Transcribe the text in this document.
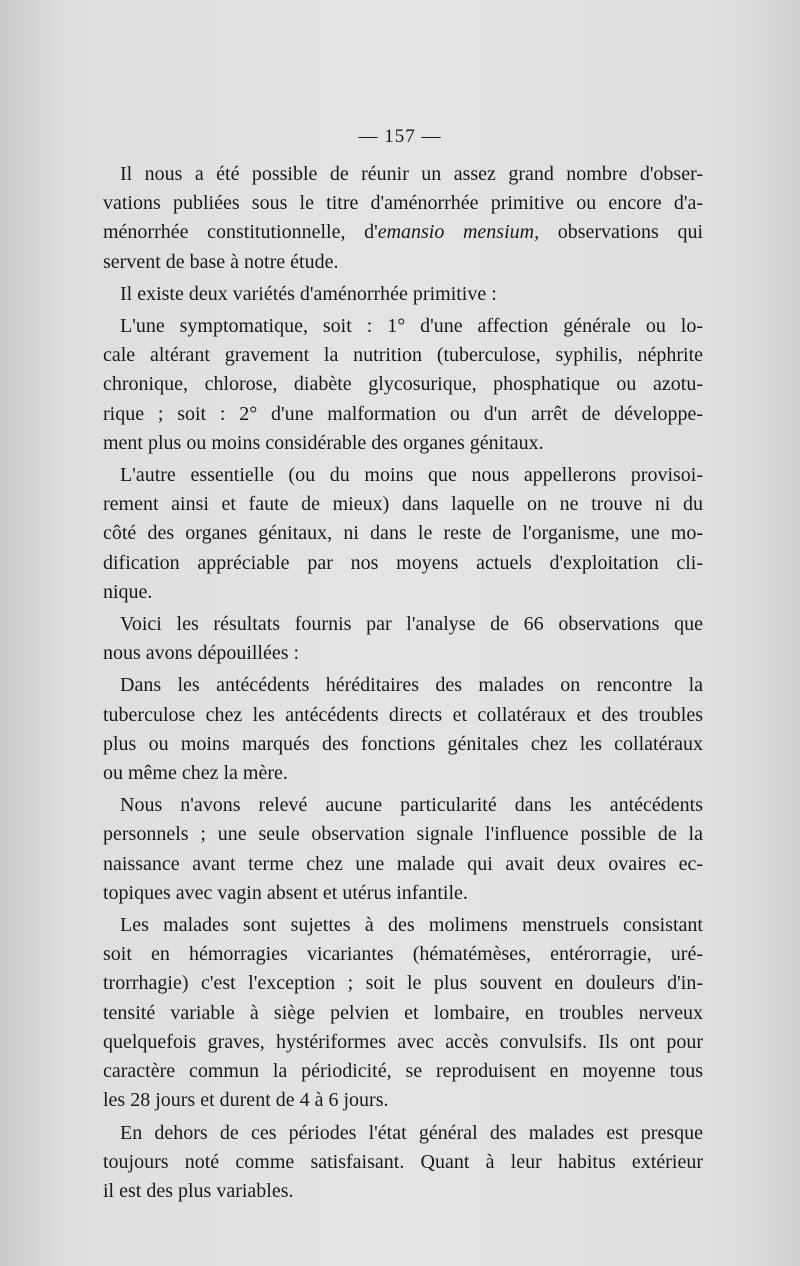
— 157 —
Il nous a été possible de réunir un assez grand nombre d'obser-
vations publiées sous le titre d'aménorrhée primitive ou encore d'a-
ménorrhée constitutionnelle, d'emansio mensium, observations qui
servent de base à notre étude.
Il existe deux variétés d'aménorrhée primitive :
L'une symptomatique, soit : 1° d'une affection générale ou lo-
cale altérant gravement la nutrition (tuberculose, syphilis, néphrite
chronique, chlorose, diabète glycosurique, phosphatique ou azotu-
rique ; soit : 2° d'une malformation ou d'un arrêt de développe-
ment plus ou moins considérable des organes génitaux.
L'autre essentielle (ou du moins que nous appellerons provisoi-
rement ainsi et faute de mieux) dans laquelle on ne trouve ni du
côté des organes génitaux, ni dans le reste de l'organisme, une mo-
dification appréciable par nos moyens actuels d'exploitation cli-
nique.
Voici les résultats fournis par l'analyse de 66 observations que
nous avons dépouillées :
Dans les antécédents héréditaires des malades on rencontre la
tuberculose chez les antécédents directs et collatéraux et des troubles
plus ou moins marqués des fonctions génitales chez les collatéraux
ou même chez la mère.
Nous n'avons relevé aucune particularité dans les antécédents
personnels ; une seule observation signale l'influence possible de la
naissance avant terme chez une malade qui avait deux ovaires ec-
topiques avec vagin absent et utérus infantile.
Les malades sont sujettes à des molimens menstruels consistant
soit en hémorragies vicariantes (hématémèses, entérorragie, uré-
trorrhagie) c'est l'exception ; soit le plus souvent en douleurs d'in-
tensité variable à siège pelvien et lombaire, en troubles nerveux
quelquefois graves, hystériformes avec accès convulsifs. Ils ont pour
caractère commun la périodicité, se reproduisent en moyenne tous
les 28 jours et durent de 4 à 6 jours.
En dehors de ces périodes l'état général des malades est presque
toujours noté comme satisfaisant. Quant à leur habitus extérieur
il est des plus variables.
